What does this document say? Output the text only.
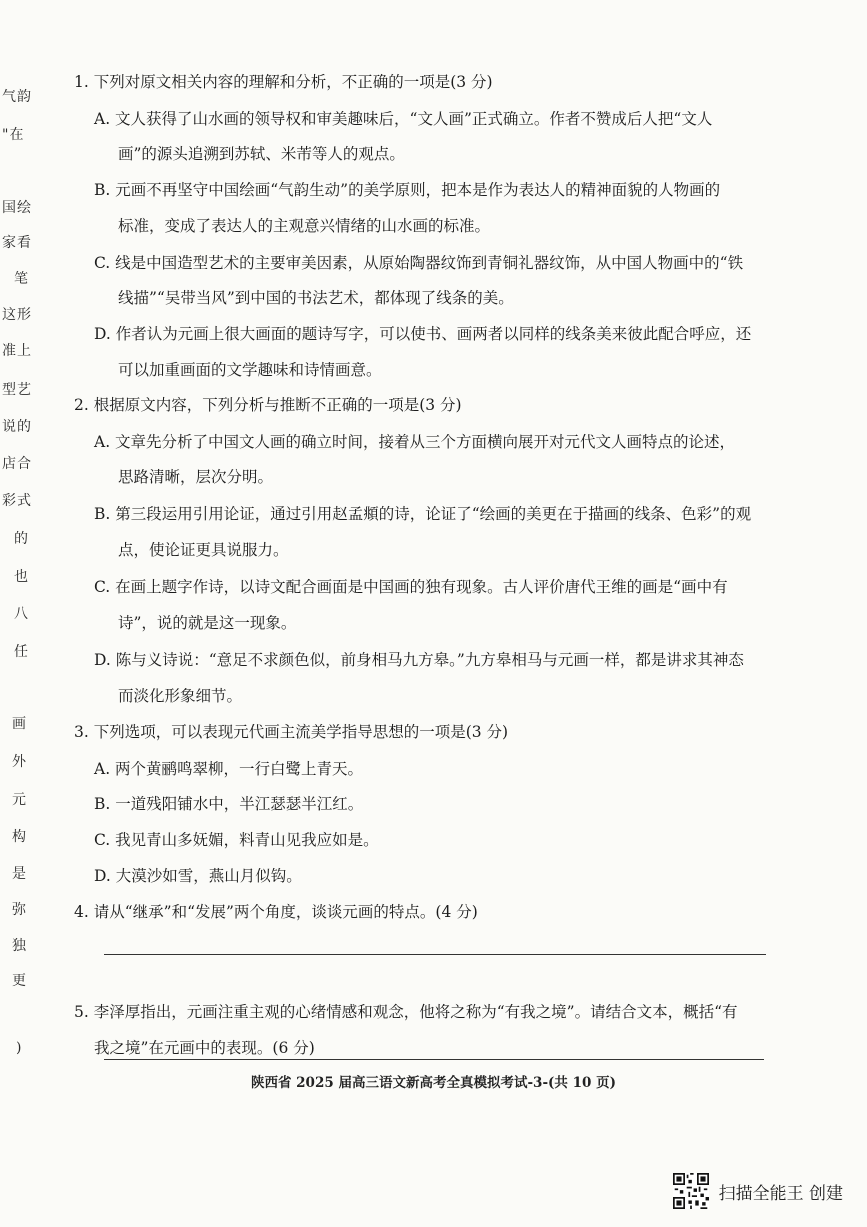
气韵
"在
国绘
家看
笔
这形
准上
型艺
说的
店合
彩式
的
也
八
任
画
外
元
构
是
弥
独
更
)
1. 下列对原文相关内容的理解和分析，不正确的一项是(3 分)
A. 文人获得了山水画的领导权和审美趣味后，“文人画”正式确立。作者不赞成后人把“文人
画”的源头追溯到苏轼、米芾等人的观点。
B. 元画不再坚守中国绘画“气韵生动”的美学原则，把本是作为表达人的精神面貌的人物画的
标准，变成了表达人的主观意兴情绪的山水画的标准。
C. 线是中国造型艺术的主要审美因素，从原始陶器纹饰到青铜礼器纹饰，从中国人物画中的“铁
线描”“吴带当风”到中国的书法艺术，都体现了线条的美。
D. 作者认为元画上很大画面的题诗写字，可以使书、画两者以同样的线条美来彼此配合呼应，还
可以加重画面的文学趣味和诗情画意。
2. 根据原文内容，下列分析与推断不正确的一项是(3 分)
A. 文章先分析了中国文人画的确立时间，接着从三个方面横向展开对元代文人画特点的论述，
思路清晰，层次分明。
B. 第三段运用引用论证，通过引用赵孟頫的诗，论证了“绘画的美更在于描画的线条、色彩”的观
点，使论证更具说服力。
C. 在画上题字作诗，以诗文配合画面是中国画的独有现象。古人评价唐代王维的画是“画中有
诗”，说的就是这一现象。
D. 陈与义诗说：“意足不求颜色似，前身相马九方皋。”九方皋相马与元画一样，都是讲求其神态
而淡化形象细节。
3. 下列选项，可以表现元代画主流美学指导思想的一项是(3 分)
A. 两个黄鹂鸣翠柳，一行白鹭上青天。
B. 一道残阳铺水中，半江瑟瑟半江红。
C. 我见青山多妩媚，料青山见我应如是。
D. 大漠沙如雪，燕山月似钩。
4. 请从“继承”和“发展”两个角度，谈谈元画的特点。(4 分)
5. 李泽厚指出，元画注重主观的心绪情感和观念，他将之称为“有我之境”。请结合文本，概括“有
我之境”在元画中的表现。(6 分)
陕西省 2025 届高三语文新高考全真模拟考试-3-(共 10 页)
扫描全能王 创建
